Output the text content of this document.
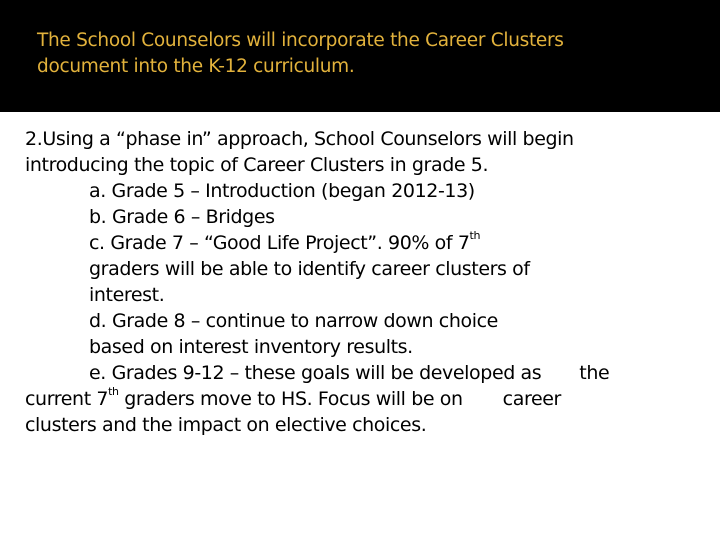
The School Counselors will incorporate the Career Clusters
document into the K-12 curriculum.
2.Using a “phase in” approach, School Counselors will begin
introducing the topic of Career Clusters in grade 5.
a. Grade 5 – Introduction (began 2012-13)
b. Grade 6 – Bridges
c. Grade 7 – “Good Life Project”. 90% of 7th
graders will be able to identify career clusters of
interest.
d. Grade 8 – continue to narrow down choice
based on interest inventory results.
e. Grades 9-12 – these goals will be developed as the
current 7th graders move to HS. Focus will be on career
clusters and the impact on elective choices.
